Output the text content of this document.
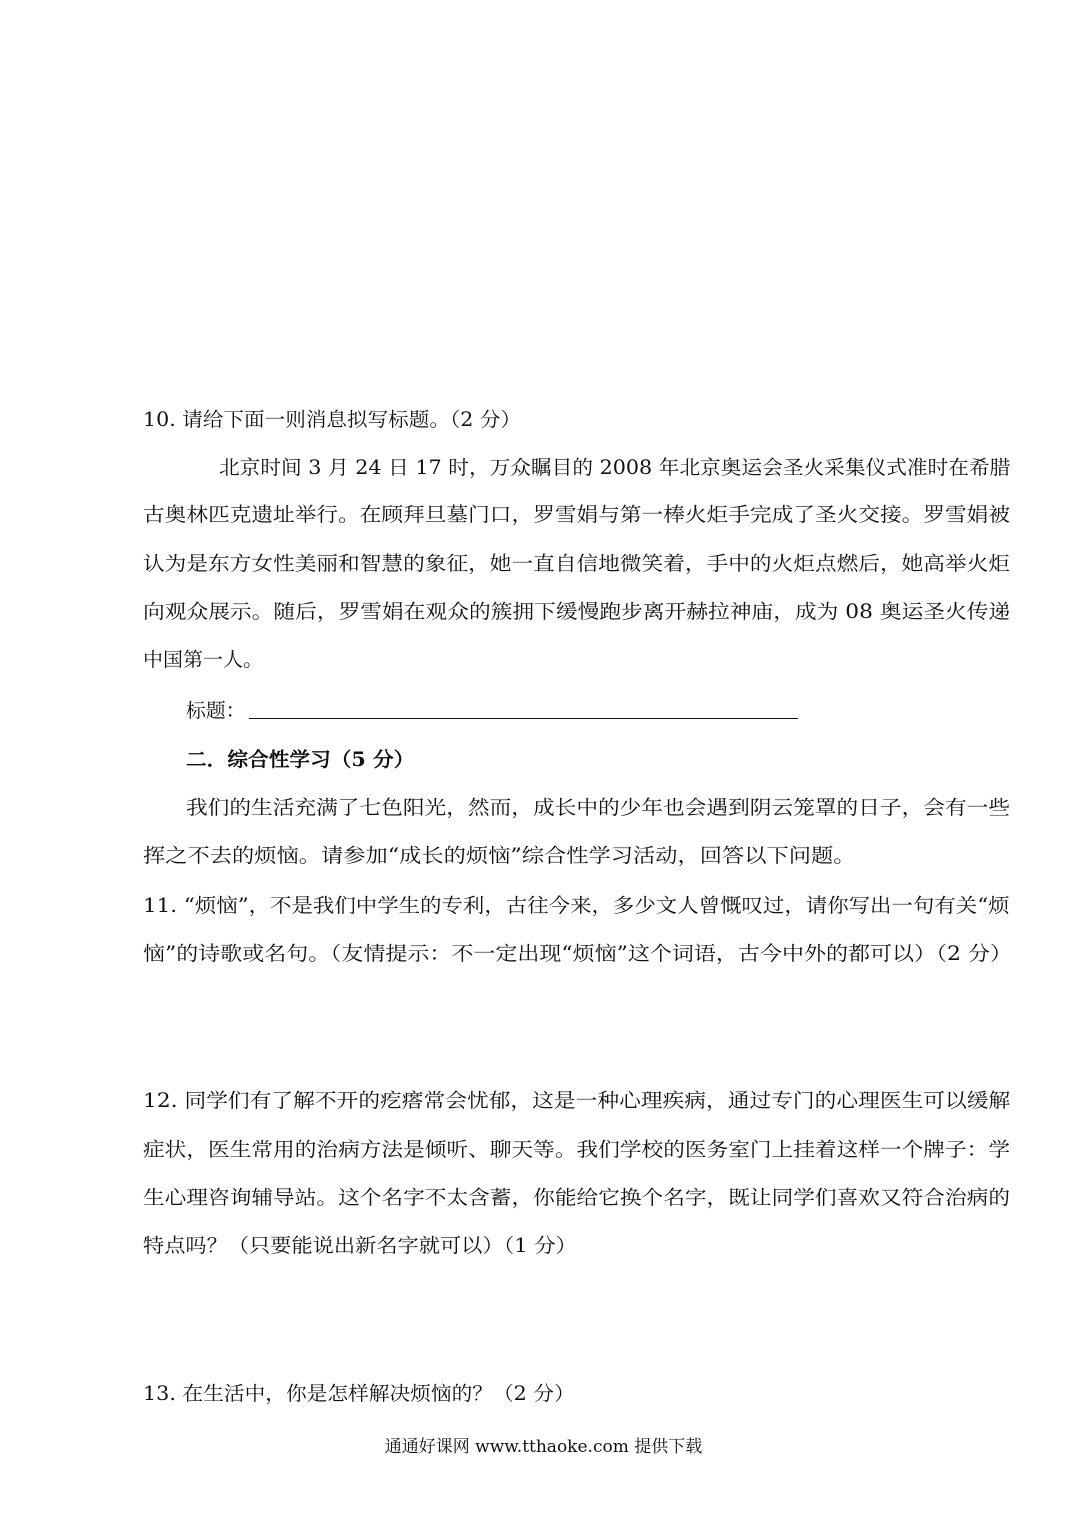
10. 请给下面一则消息拟写标题。（2 分）
北京时间 3 月 24 日 17 时，万众瞩目的 2008 年北京奥运会圣火采集仪式准时在希腊
古奥林匹克遗址举行。在顾拜旦墓门口，罗雪娟与第一棒火炬手完成了圣火交接。罗雪娟被
认为是东方女性美丽和智慧的象征，她一直自信地微笑着，手中的火炬点燃后，她高举火炬
向观众展示。随后，罗雪娟在观众的簇拥下缓慢跑步离开赫拉神庙，成为 08 奥运圣火传递
中国第一人。
标题：
二．综合性学习（5 分）
我们的生活充满了七色阳光，然而，成长中的少年也会遇到阴云笼罩的日子，会有一些
挥之不去的烦恼。请参加“成长的烦恼”综合性学习活动，回答以下问题。
11. “烦恼”，不是我们中学生的专利，古往今来，多少文人曾慨叹过，请你写出一句有关“烦
恼”的诗歌或名句。（友情提示：不一定出现“烦恼”这个词语，古今中外的都可以）（2 分）
12. 同学们有了解不开的疙瘩常会忧郁，这是一种心理疾病，通过专门的心理医生可以缓解
症状，医生常用的治病方法是倾听、聊天等。我们学校的医务室门上挂着这样一个牌子：学
生心理咨询辅导站。这个名字不太含蓄，你能给它换个名字，既让同学们喜欢又符合治病的
特点吗？（只要能说出新名字就可以）（1 分）
13. 在生活中，你是怎样解决烦恼的？（2 分）
通通好课网 www.tthaoke.com 提供下载
